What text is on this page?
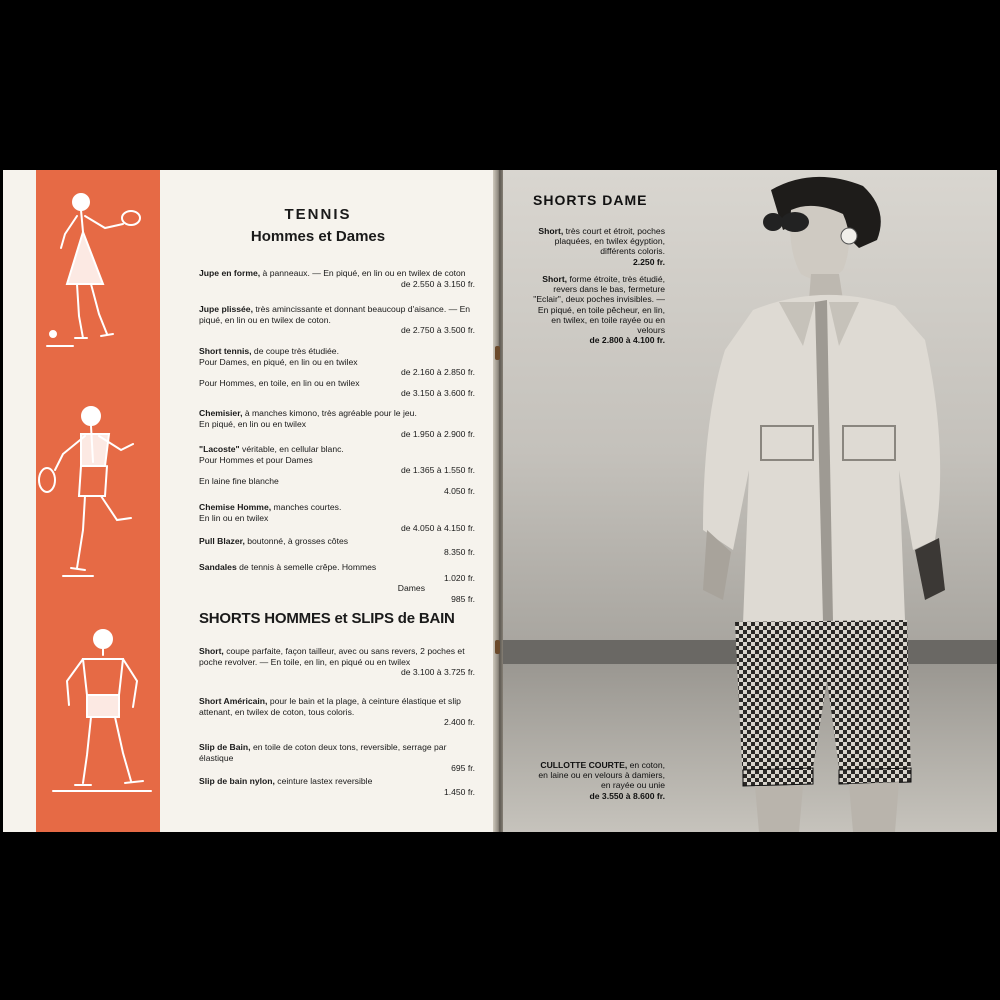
TENNIS
Hommes et Dames
Jupe en forme, à panneaux. — En piqué, en lin ou en twilex de coton
de 2.550 à 3.150 fr.
Jupe plissée, très amincissante et donnant beaucoup d'aisance. — En piqué, en lin ou en twilex de coton.
de 2.750 à 3.500 fr.
Short tennis, de coupe très étudiée.
Pour Dames, en piqué, en lin ou en twilex
de 2.160 à 2.850 fr.
Pour Hommes, en toile, en lin ou en twilex
de 3.150 à 3.600 fr.
Chemisier, à manches kimono, très agréable pour le jeu.
En piqué, en lin ou en twilex
de 1.950 à 2.900 fr.
"Lacoste" véritable, en cellular blanc.
Pour Hommes et pour Dames
de 1.365 à 1.550 fr.
En laine fine blanche
4.050 fr.
Chemise Homme, manches courtes.
En lin ou en twilex
de 4.050 à 4.150 fr.
Pull Blazer, boutonné, à grosses côtes
8.350 fr.
Sandales de tennis à semelle crêpe. Hommes
1.020 fr.
Dames
985 fr.
SHORTS HOMMES et SLIPS de BAIN
Short, coupe parfaite, façon tailleur, avec ou sans revers, 2 poches et poche revolver. — En toile, en lin, en piqué ou en twilex
de 3.100 à 3.725 fr.
Short Américain, pour le bain et la plage, à ceinture élastique et slip attenant, en twilex de coton, tous coloris.
2.400 fr.
Slip de Bain, en toile de coton deux tons, reversible, serrage par élastique
695 fr.
Slip de bain nylon, ceinture lastex reversible
1.450 fr.
SHORTS DAME
Short, très court et étroit, poches plaquées, en twilex égyption, différents coloris.
2.250 fr.
Short, forme étroite, très étudié, revers dans le bas, fermeture "Eclair", deux poches invisibles. — En piqué, en toile pêcheur, en lin, en twilex, en toile rayée ou en velours
de 2.800 à 4.100 fr.
CULLOTTE COURTE, en coton, en laine ou en velours à damiers, en rayée ou unie
de 3.550 à 8.600 fr.
